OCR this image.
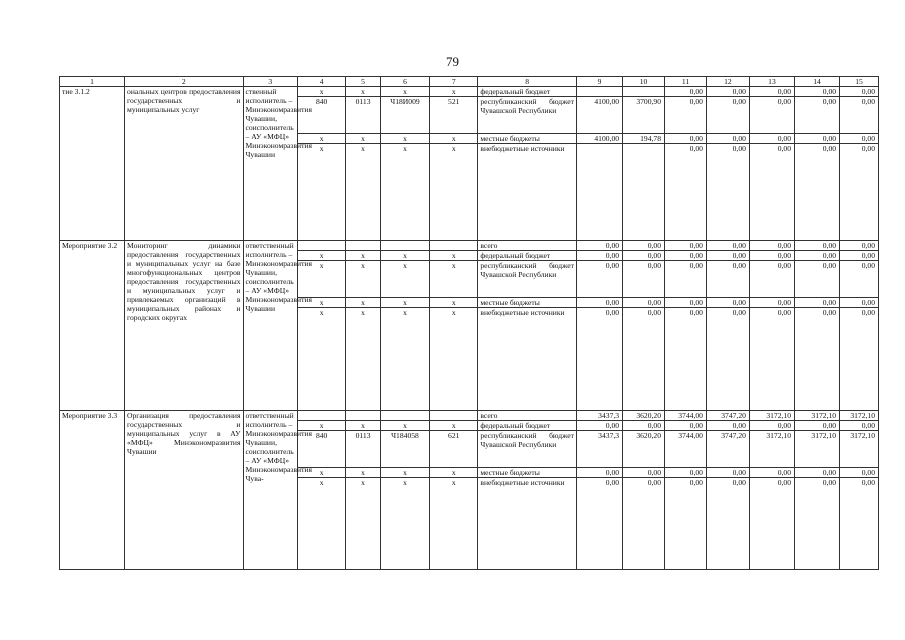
79
1	2	3	4	5	6	7	8	9	10	11	12	13	14	15
тие 3.1.2	ональных центров предоставления государственных и муниципальных услуг	ственный исполнитель – Минэкономразвития Чувашии, соисполнитель – АУ «МФЦ» Минэкономразвития Чувашии	x	x	x	x	федеральный бюджет			0,00	0,00	0,00	0,00	0,00
			840	0113	Ч18И009	521	республиканский бюджет Чувашской Республики	4100,00	3700,90	0,00	0,00	0,00	0,00	0,00
			x	x	x	x	местные бюджеты	4100,00	194,78	0,00	0,00	0,00	0,00	0,00
			x	x	x	x	внебюджетные источники			0,00	0,00	0,00	0,00	0,00
Мероприятие 3.2	Мониторинг динамики предоставления государственных и муниципальных услуг на базе многофункциональных центров предоставления государственных и муниципальных услуг и привлекаемых организаций в муниципальных районах и городских округах	ответственный исполнитель – Минэкономразвития Чувашии, соисполнитель – АУ «МФЦ» Минэкономразвития Чувашии					всего	0,00	0,00	0,00	0,00	0,00	0,00	0,00
			x	x	x	x	федеральный бюджет	0,00	0,00	0,00	0,00	0,00	0,00	0,00
			x	x	x	x	республиканский бюджет Чувашской Республики	0,00	0,00	0,00	0,00	0,00	0,00	0,00
			x	x	x	x	местные бюджеты	0,00	0,00	0,00	0,00	0,00	0,00	0,00
			x	x	x	x	внебюджетные источники	0,00	0,00	0,00	0,00	0,00	0,00	0,00
Мероприятие 3.3	Организация предоставления государственных и муниципальных услуг в АУ «МФЦ» Минэкономразвития Чувашии	ответственный исполнитель – Минэкономразвития Чувашии, соисполнитель – АУ «МФЦ» Минэкономразвития Чува-					всего	3437,3	3620,20	3744,00	3747,20	3172,10	3172,10	3172,10
			x	x	x	x	федеральный бюджет	0,00	0,00	0,00	0,00	0,00	0,00	0,00
			840	0113	Ч184058	621	республиканский бюджет Чувашской Республики	3437,3	3620,20	3744,00	3747,20	3172,10	3172,10	3172,10
			x	x	x	x	местные бюджеты	0,00	0,00	0,00	0,00	0,00	0,00	0,00
			x	x	x	x	внебюджетные источники	0,00	0,00	0,00	0,00	0,00	0,00	0,00
